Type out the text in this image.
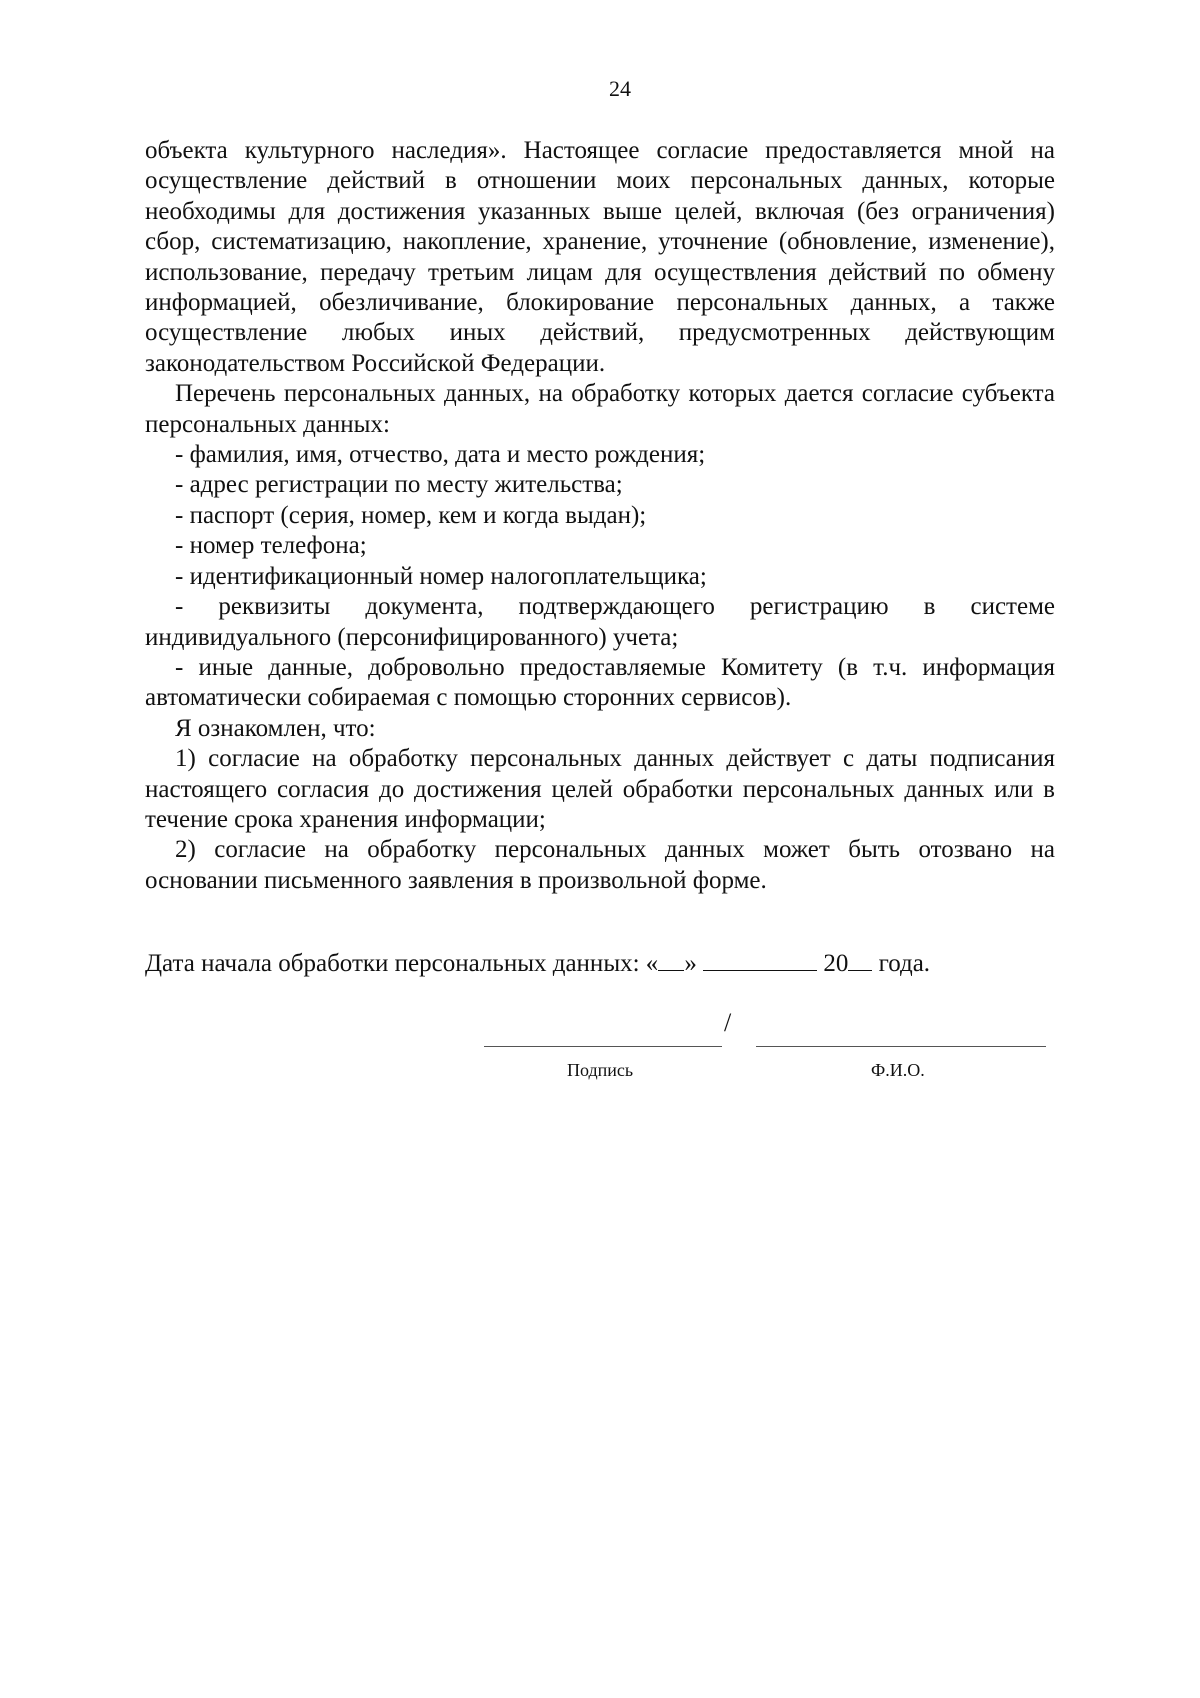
24

объекта культурного наследия». Настоящее согласие предоставляется мной на осуществление действий в отношении моих персональных данных, которые необходимы для достижения указанных выше целей, включая (без ограничения) сбор, систематизацию, накопление, хранение, уточнение (обновление, изменение), использование, передачу третьим лицам для осуществления действий по обмену информацией, обезличивание, блокирование персональных данных, а также осуществление любых иных действий, предусмотренных действующим законодательством Российской Федерации.

Перечень персональных данных, на обработку которых дается согласие субъекта персональных данных:

- фамилия, имя, отчество, дата и место рождения;

- адрес регистрации по месту жительства;

- паспорт (серия, номер, кем и когда выдан);

- номер телефона;

- идентификационный номер налогоплательщика;

- реквизиты документа, подтверждающего регистрацию в системе индивидуального (персонифицированного) учета;

- иные данные, добровольно предоставляемые Комитету (в т.ч. информация автоматически собираемая с помощью сторонних сервисов).

Я ознакомлен, что:

1) согласие на обработку персональных данных действует с даты подписания настоящего согласия до достижения целей обработки персональных данных или в течение срока хранения информации;

2) согласие на обработку персональных данных может быть отозвано на основании письменного заявления в произвольной форме.

Дата начала обработки персональных данных: « »	20 года.
/
Подпись	Ф.И.О.
